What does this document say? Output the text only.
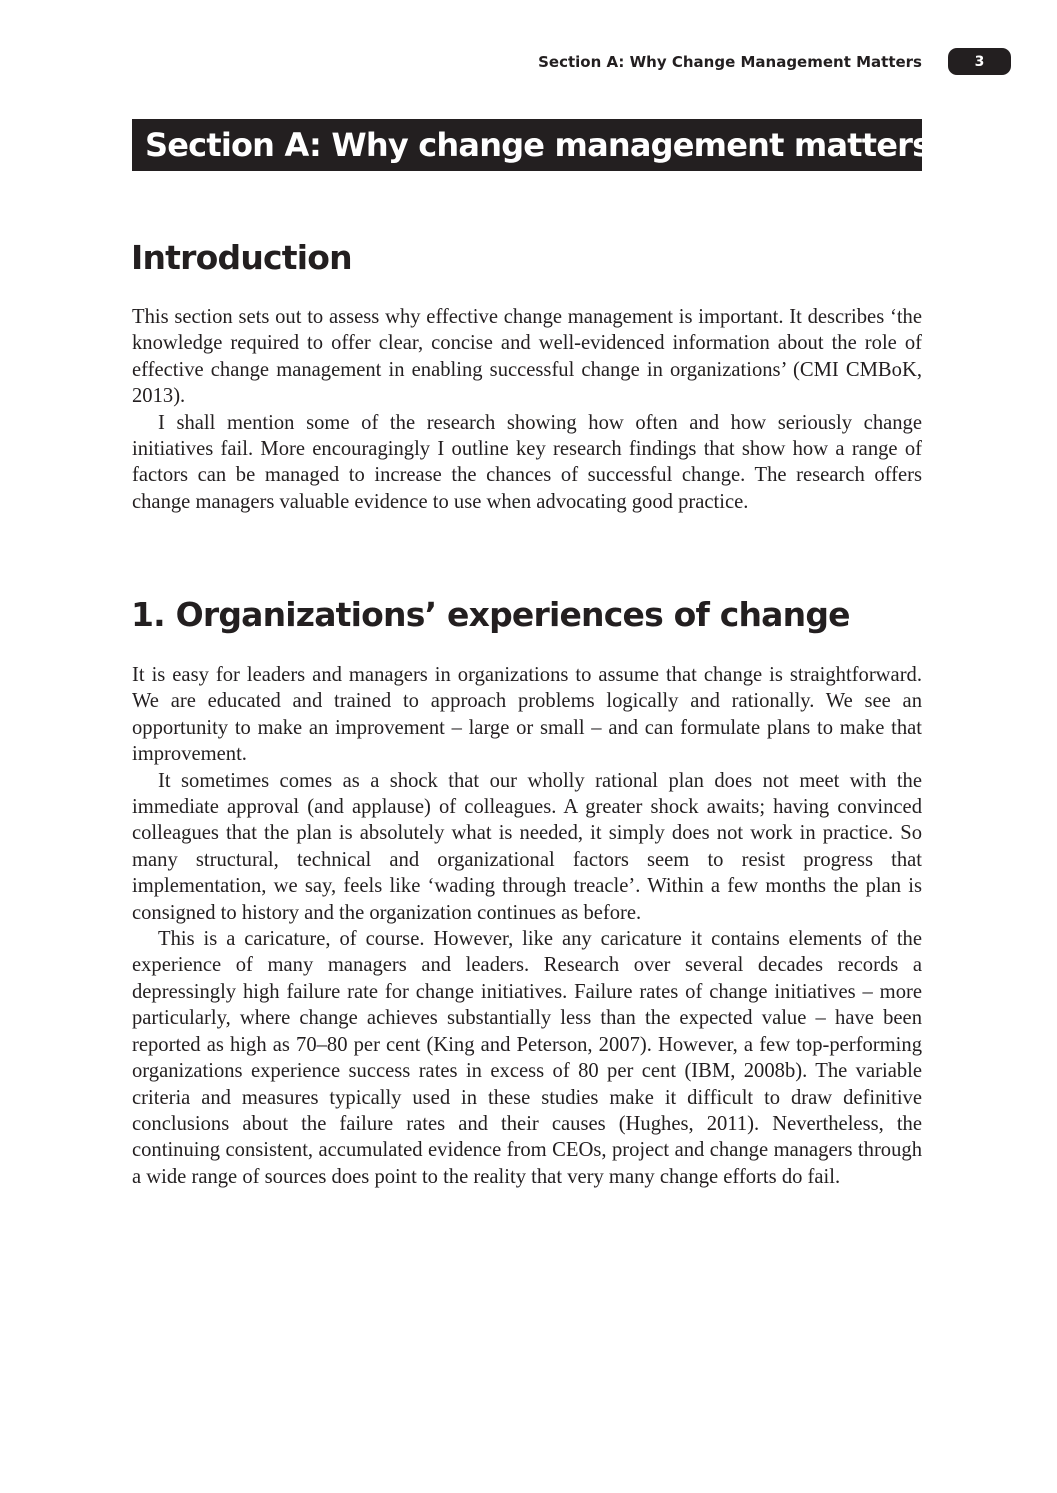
Section A: Why Change Management Matters	3
Section A: Why change management matters
Introduction

This section sets out to assess why effective change management is important. It describes ‘the knowledge required to offer clear, concise and well-evidenced information about the role of effective change management in enabling successful change in organizations’ (CMI CMBoK, 2013).

I shall mention some of the research showing how often and how seriously change initiatives fail. More encouragingly I outline key research findings that show how a range of factors can be managed to increase the chances of successful change. The research offers change managers valuable evidence to use when advocating good practice.

1. Organizations’ experiences of change

It is easy for leaders and managers in organizations to assume that change is straightforward. We are educated and trained to approach problems logically and rationally. We see an opportunity to make an improvement – large or small – and can formulate plans to make that improvement.

It sometimes comes as a shock that our wholly rational plan does not meet with the immediate approval (and applause) of colleagues. A greater shock awaits; having convinced colleagues that the plan is absolutely what is needed, it simply does not work in practice. So many structural, technical and organizational factors seem to resist progress that implementation, we say, feels like ‘wading through treacle’. Within a few months the plan is consigned to history and the organization continues as before.

This is a caricature, of course. However, like any caricature it contains elements of the experience of many managers and leaders. Research over several decades records a depressingly high failure rate for change initiatives. Failure rates of change initiatives – more particularly, where change achieves substantially less than the expected value – have been reported as high as 70–80 per cent (King and Peterson, 2007). However, a few top-performing organizations experience success rates in excess of 80 per cent (IBM, 2008b). The variable criteria and measures typically used in these studies make it difficult to draw definitive conclusions about the failure rates and their causes (Hughes, 2011). Nevertheless, the continuing consistent, accumulated evidence from CEOs, project and change managers through a wide range of sources does point to the reality that very many change efforts do fail.
